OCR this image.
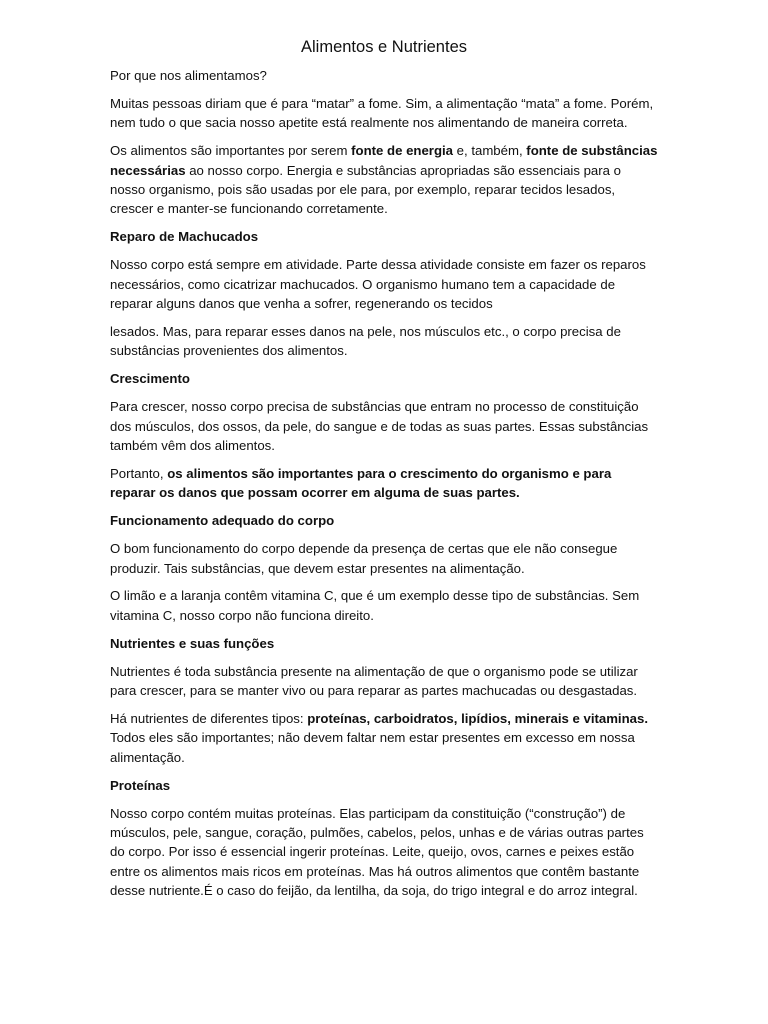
Alimentos e Nutrientes

Por que nos alimentamos?

Muitas pessoas diriam que é para “matar” a fome. Sim, a alimentação “mata” a fome. Porém, nem tudo o que sacia nosso apetite está realmente nos alimentando de maneira correta.

Os alimentos são importantes por serem fonte de energia e, também, fonte de substâncias necessárias ao nosso corpo. Energia e substâncias apropriadas são essenciais para o nosso organismo, pois são usadas por ele para, por exemplo, reparar tecidos lesados, crescer e manter-se funcionando corretamente.

Reparo de Machucados

Nosso corpo está sempre em atividade. Parte dessa atividade consiste em fazer os reparos necessários, como cicatrizar machucados. O organismo humano tem a capacidade de reparar alguns danos que venha a sofrer, regenerando os tecidos

lesados. Mas, para reparar esses danos na pele, nos músculos etc., o corpo precisa de substâncias provenientes dos alimentos.

Crescimento

Para crescer, nosso corpo precisa de substâncias que entram no processo de constituição dos músculos, dos ossos, da pele, do sangue e de todas as suas partes. Essas substâncias também vêm dos alimentos.

Portanto, os alimentos são importantes para o crescimento do organismo e para reparar os danos que possam ocorrer em alguma de suas partes.

Funcionamento adequado do corpo

O bom funcionamento do corpo depende da presença de certas que ele não consegue produzir. Tais substâncias, que devem estar presentes na alimentação.

O limão e a laranja contêm vitamina C, que é um exemplo desse tipo de substâncias. Sem vitamina C, nosso corpo não funciona direito.

Nutrientes e suas funções

Nutrientes é toda substância presente na alimentação de que o organismo pode se utilizar para crescer, para se manter vivo ou para reparar as partes machucadas ou desgastadas.

Há nutrientes de diferentes tipos: proteínas, carboidratos, lipídios, minerais e vitaminas. Todos eles são importantes; não devem faltar nem estar presentes em excesso em nossa alimentação.

Proteínas

Nosso corpo contém muitas proteínas. Elas participam da constituição (“construção”) de músculos, pele, sangue, coração, pulmões, cabelos, pelos, unhas e de várias outras partes do corpo. Por isso é essencial ingerir proteínas. Leite, queijo, ovos, carnes e peixes estão entre os alimentos mais ricos em proteínas. Mas há outros alimentos que contêm bastante desse nutriente.É o caso do feijão, da lentilha, da soja, do trigo integral e do arroz integral.
